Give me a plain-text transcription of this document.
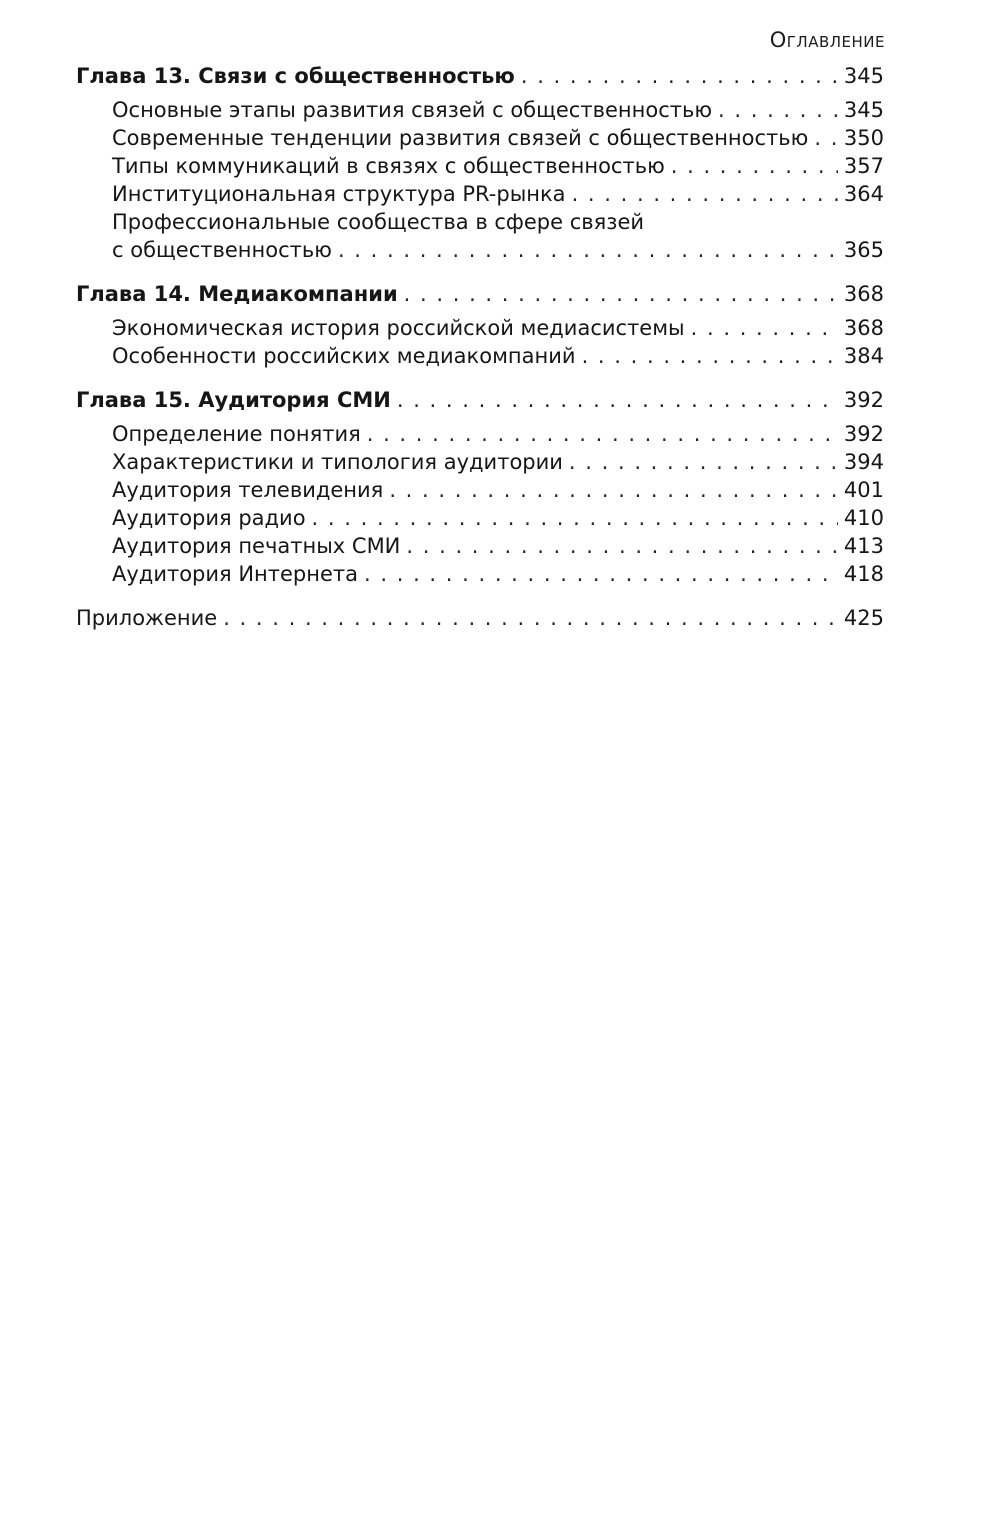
Оглавление
Глава 13. Связи с общественностью . . .	345
Основные этапы развития связей с общественностью . . .	345
Современные тенденции развития связей с общественностью . . . 350
Типы коммуникаций в связях с общественностью . . .	357
Институциональная структура PR-рынка . . .	364
Профессиональные сообщества в сфере связей
с общественностью . . .	365
Глава 14. Медиакомпании . . .	368
Экономическая история российской медиасистемы . . .	368
Особенности российских медиакомпаний . . .	384
Глава 15. Аудитория СМИ . . .	392
Определение понятия . . .	392
Характеристики и типология аудитории . . .	394
Аудитория телевидения . . .	401
Аудитория радио . . .	410
Аудитория печатных СМИ . . .	413
Аудитория Интернета . . .	418
Приложение . . .	425
